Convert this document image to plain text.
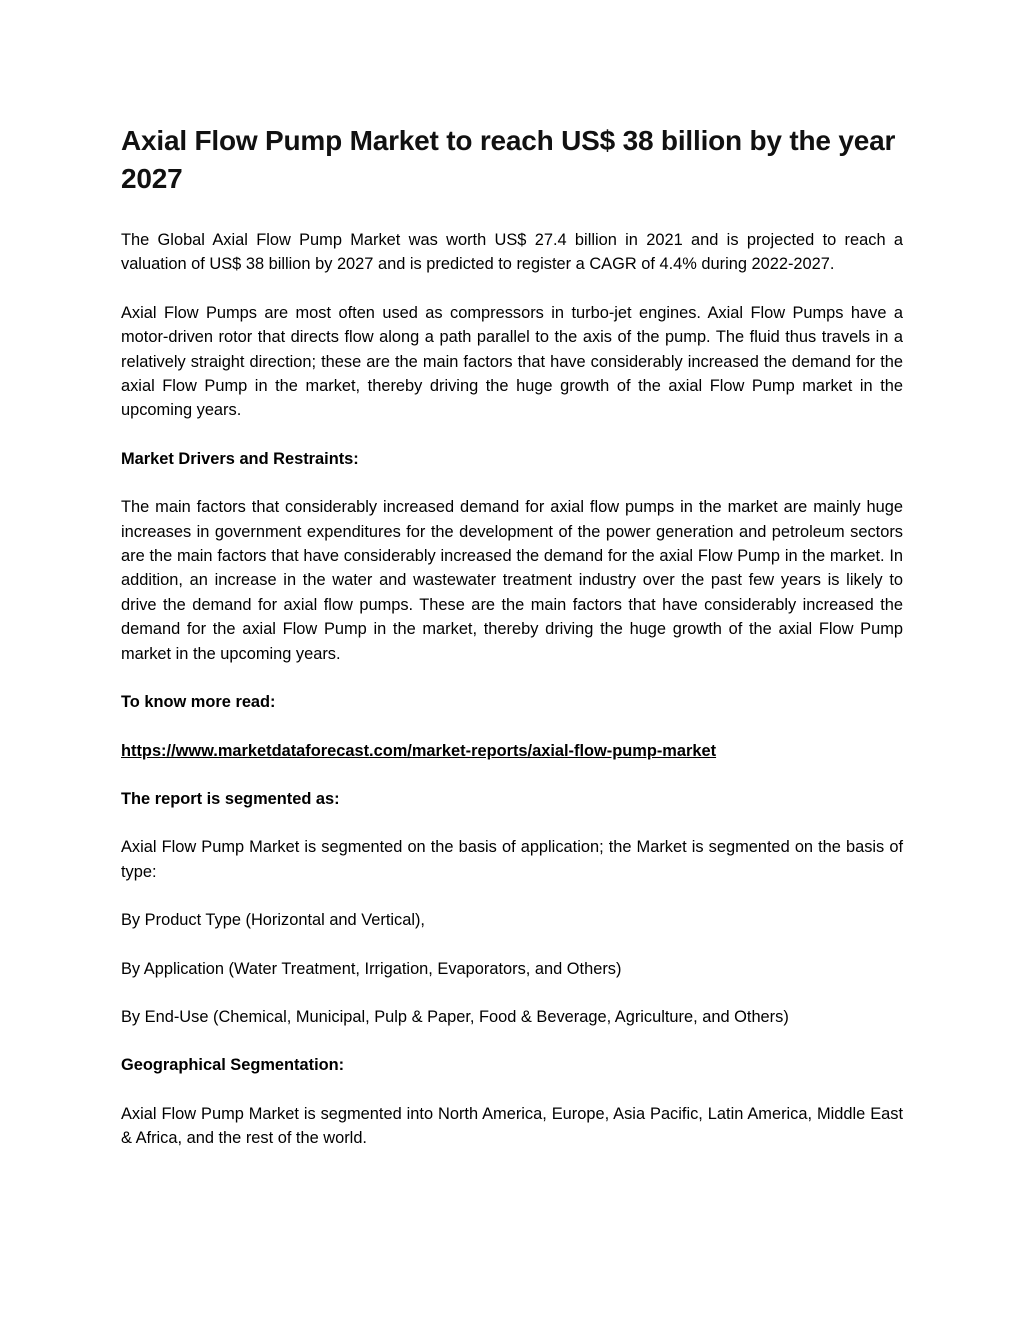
Axial Flow Pump Market to reach US$ 38 billion by the year 2027

The Global Axial Flow Pump Market was worth US$ 27.4 billion in 2021 and is projected to reach a valuation of US$ 38 billion by 2027 and is predicted to register a CAGR of 4.4% during 2022-2027.

Axial Flow Pumps are most often used as compressors in turbo-jet engines. Axial Flow Pumps have a motor-driven rotor that directs flow along a path parallel to the axis of the pump. The fluid thus travels in a relatively straight direction; these are the main factors that have considerably increased the demand for the axial Flow Pump in the market, thereby driving the huge growth of the axial Flow Pump market in the upcoming years.

Market Drivers and Restraints:

The main factors that considerably increased demand for axial flow pumps in the market are mainly huge increases in government expenditures for the development of the power generation and petroleum sectors are the main factors that have considerably increased the demand for the axial Flow Pump in the market. In addition, an increase in the water and wastewater treatment industry over the past few years is likely to drive the demand for axial flow pumps. These are the main factors that have considerably increased the demand for the axial Flow Pump in the market, thereby driving the huge growth of the axial Flow Pump market in the upcoming years.

To know more read:

https://www.marketdataforecast.com/market-reports/axial-flow-pump-market

The report is segmented as:

Axial Flow Pump Market is segmented on the basis of application; the Market is segmented on the basis of type:

By Product Type (Horizontal and Vertical),

By Application (Water Treatment, Irrigation, Evaporators, and Others)

By End-Use (Chemical, Municipal, Pulp & Paper, Food & Beverage, Agriculture, and Others)

Geographical Segmentation:

Axial Flow Pump Market is segmented into North America, Europe, Asia Pacific, Latin America, Middle East & Africa, and the rest of the world.
